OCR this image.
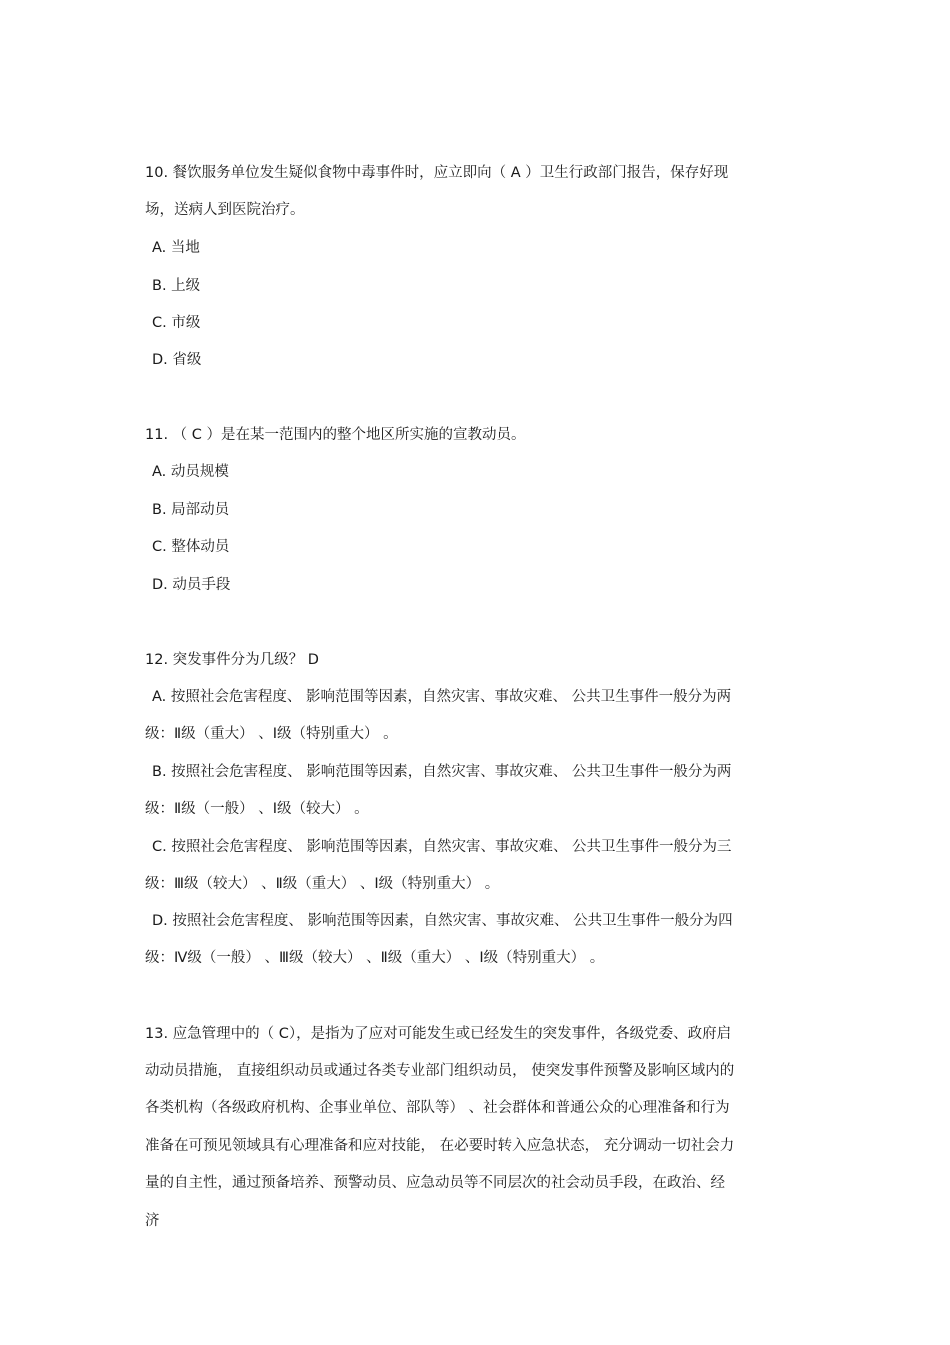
10. 餐饮服务单位发生疑似食物中毒事件时，应立即向（ A ）卫生行政部门报告，保存好现
场，送病人到医院治疗。
A. 当地
B. 上级
C. 市级
D. 省级
11. （ C ）是在某一范围内的整个地区所实施的宣教动员。
A. 动员规模
B. 局部动员
C. 整体动员
D. 动员手段
12. 突发事件分为几级？ D
A. 按照社会危害程度、 影响范围等因素，自然灾害、事故灾难、 公共卫生事件一般分为两
级：Ⅱ级（重大） 、Ⅰ级（特别重大） 。
B. 按照社会危害程度、 影响范围等因素，自然灾害、事故灾难、 公共卫生事件一般分为两
级：Ⅱ级（一般） 、Ⅰ级（较大） 。
C. 按照社会危害程度、 影响范围等因素，自然灾害、事故灾难、 公共卫生事件一般分为三
级：Ⅲ级（较大） 、Ⅱ级（重大） 、Ⅰ级（特别重大） 。
D. 按照社会危害程度、 影响范围等因素，自然灾害、事故灾难、 公共卫生事件一般分为四
级：Ⅳ级（一般） 、Ⅲ级（较大） 、Ⅱ级（重大） 、Ⅰ级（特别重大） 。
13. 应急管理中的（ C），是指为了应对可能发生或已经发生的突发事件，各级党委、政府启
动动员措施， 直接组织动员或通过各类专业部门组织动员， 使突发事件预警及影响区域内的
各类机构（各级政府机构、企事业单位、部队等） 、社会群体和普通公众的心理准备和行为
准备在可预见领域具有心理准备和应对技能， 在必要时转入应急状态， 充分调动一切社会力
量的自主性，通过预备培养、预警动员、应急动员等不同层次的社会动员手段，在政治、经
济
